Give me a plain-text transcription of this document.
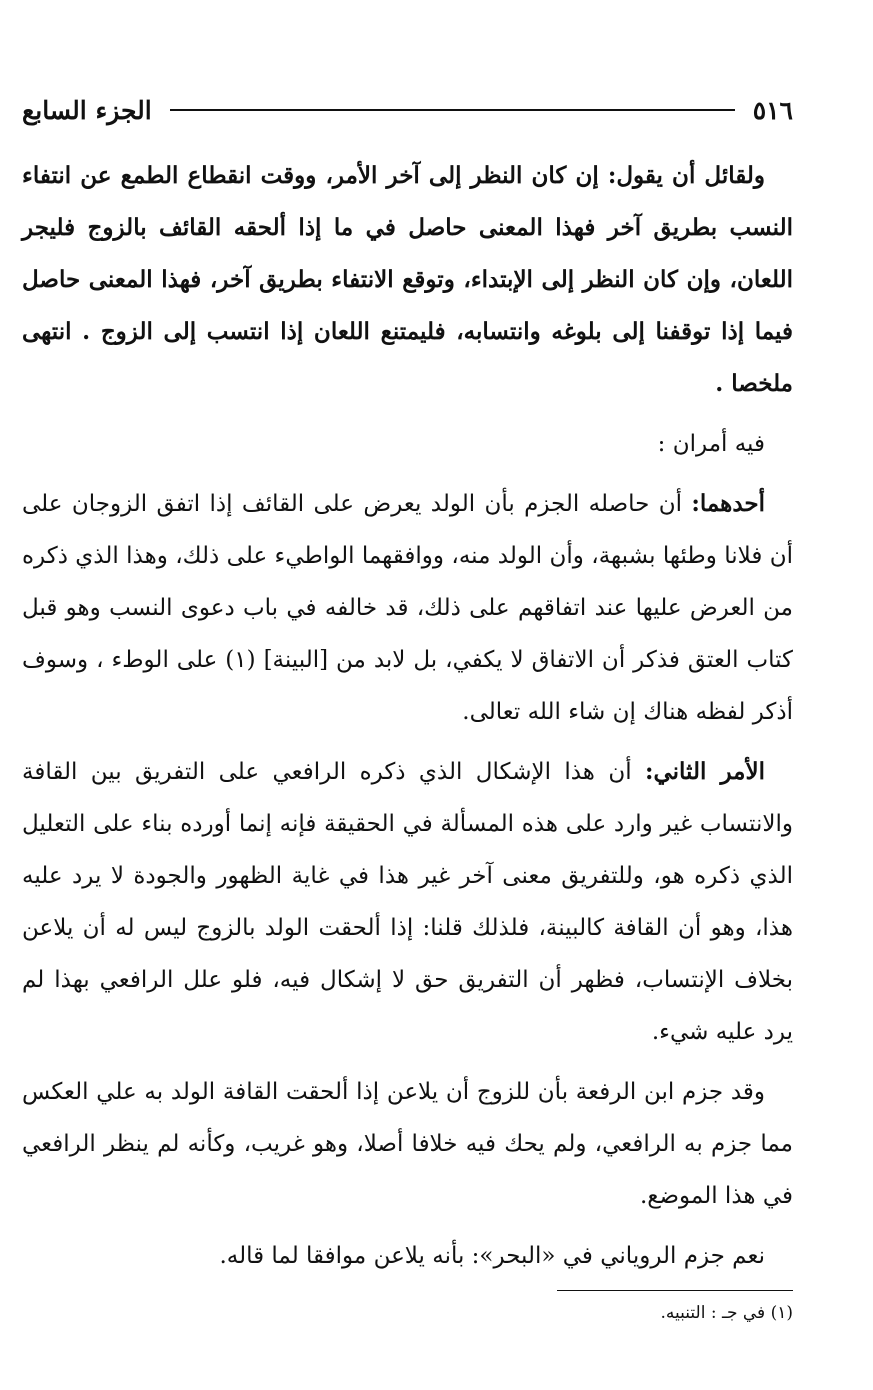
٥١٦
الجزء السابع

ولقائل أن يقول: إن كان النظر إلى آخر الأمر، ووقت انقطاع الطمع عن انتفاء النسب بطريق آخر فهذا المعنى حاصل في ما إذا ألحقه القائف بالزوج فليجر اللعان، وإن كان النظر إلى الإبتداء، وتوقع الانتفاء بطريق آخر، فهذا المعنى حاصل فيما إذا توقفنا إلى بلوغه وانتسابه، فليمتنع اللعان إذا انتسب إلى الزوج . انتهى ملخصا .

فيه أمران :

أحدهما: أن حاصله الجزم بأن الولد يعرض على القائف إذا اتفق الزوجان على أن فلانا وطئها بشبهة، وأن الولد منه، ووافقهما الواطيء على ذلك، وهذا الذي ذكره من العرض عليها عند اتفاقهم على ذلك، قد خالفه في باب دعوى النسب وهو قبل كتاب العتق فذكر أن الاتفاق لا يكفي، بل لابد من [البينة] (١) على الوطء ، وسوف أذكر لفظه هناك إن شاء الله تعالى.

الأمر الثاني: أن هذا الإشكال الذي ذكره الرافعي على التفريق بين القافة والانتساب غير وارد على هذه المسألة في الحقيقة فإنه إنما أورده بناء على التعليل الذي ذكره هو، وللتفريق معنى آخر غير هذا في غاية الظهور والجودة لا يرد عليه هذا، وهو أن القافة كالبينة، فلذلك قلنا: إذا ألحقت الولد بالزوج ليس له أن يلاعن بخلاف الإنتساب، فظهر أن التفريق حق لا إشكال فيه، فلو علل الرافعي بهذا لم يرد عليه شيء.

وقد جزم ابن الرفعة بأن للزوج أن يلاعن إذا ألحقت القافة الولد به علي العكس مما جزم به الرافعي، ولم يحك فيه خلافا أصلا، وهو غريب، وكأنه لم ينظر الرافعي في هذا الموضع.

نعم جزم الروياني في «البحر»: بأنه يلاعن موافقا لما قاله.

(١) في جـ : التنبيه.
